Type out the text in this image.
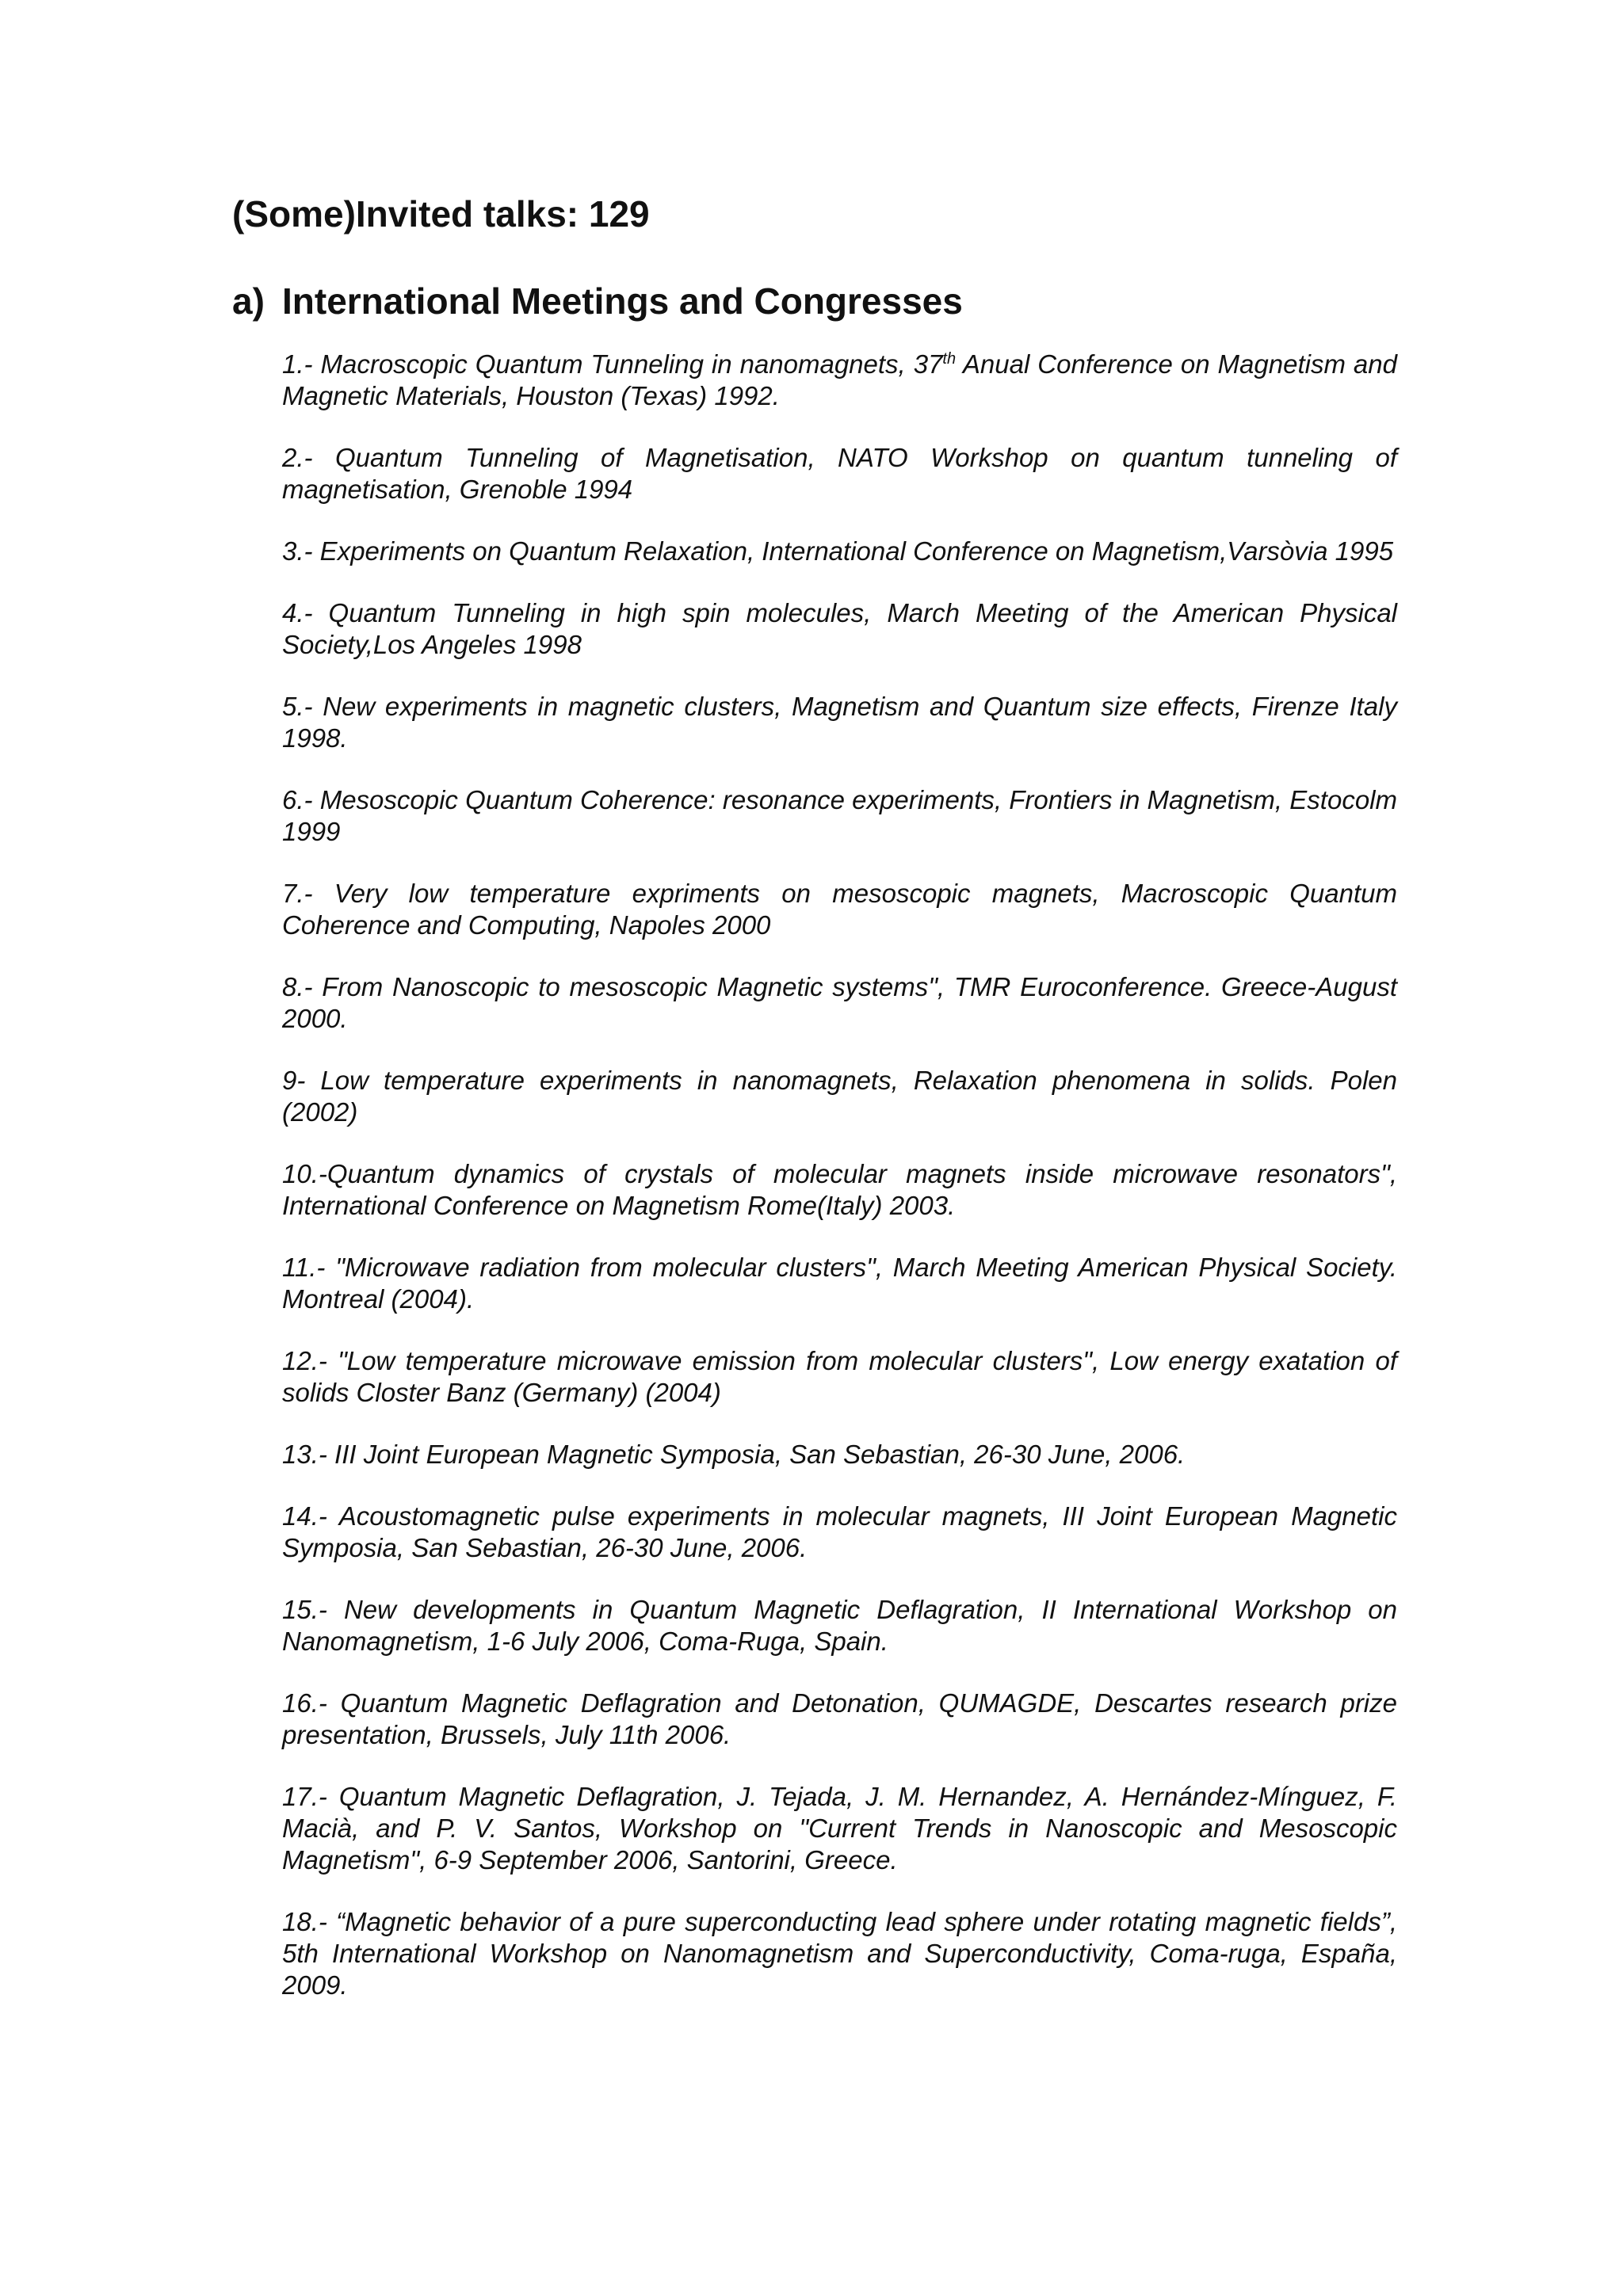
(Some)Invited talks: 129
a) International Meetings and Congresses
1.- Macroscopic Quantum Tunneling in nanomagnets, 37th Anual Conference on Magnetism and Magnetic Materials, Houston (Texas) 1992.
2.- Quantum Tunneling of Magnetisation, NATO Workshop on quantum tunneling of magnetisation, Grenoble 1994
3.- Experiments on Quantum Relaxation, International Conference on Magnetism,Varsòvia 1995
4.- Quantum Tunneling in high spin molecules, March Meeting of the American Physical Society,Los Angeles 1998
5.- New experiments in magnetic clusters, Magnetism and Quantum size effects, Firenze Italy 1998.
6.- Mesoscopic Quantum Coherence: resonance experiments, Frontiers in Magnetism, Estocolm 1999
7.- Very low temperature expriments on mesoscopic magnets, Macroscopic Quantum Coherence and Computing, Napoles 2000
8.- From Nanoscopic to mesoscopic Magnetic systems", TMR Euroconference. Greece-August 2000.
9- Low temperature experiments in nanomagnets, Relaxation phenomena in solids. Polen (2002)
10.-Quantum dynamics of crystals of molecular magnets inside microwave resonators", International Conference on Magnetism Rome(Italy) 2003.
11.- "Microwave radiation from molecular clusters", March Meeting American Physical Society. Montreal (2004).
12.- "Low temperature microwave emission from molecular clusters", Low energy exatation of solids Closter Banz (Germany) (2004)
13.- III Joint European Magnetic Symposia, San Sebastian, 26-30 June, 2006.
14.- Acoustomagnetic pulse experiments in molecular magnets, III Joint European Magnetic Symposia, San Sebastian, 26-30 June, 2006.
15.- New developments in Quantum Magnetic Deflagration, II International Workshop on Nanomagnetism, 1-6 July 2006, Coma-Ruga, Spain.
16.- Quantum Magnetic Deflagration and Detonation, QUMAGDE, Descartes research prize presentation, Brussels, July 11th 2006.
17.- Quantum Magnetic Deflagration, J. Tejada, J. M. Hernandez, A. Hernández-Mínguez, F. Macià, and P. V. Santos, Workshop on "Current Trends in Nanoscopic and Mesoscopic Magnetism", 6-9 September 2006, Santorini, Greece.
18.- “Magnetic behavior of a pure superconducting lead sphere under rotating magnetic fields”, 5th International Workshop on Nanomagnetism and Superconductivity, Coma-ruga, España, 2009.
